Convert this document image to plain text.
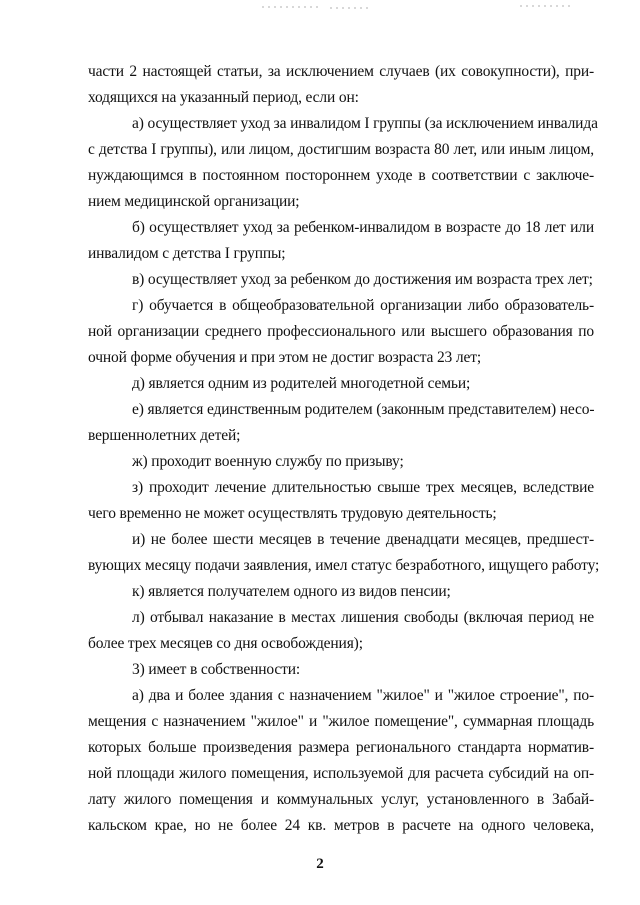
части 2 настоящей статьи, за исключением случаев (их совокупности), при-
ходящихся на указанный период, если он:
а) осуществляет уход за инвалидом I группы (за исключением инвалида
с детства I группы), или лицом, достигшим возраста 80 лет, или иным лицом,
нуждающимся в постоянном постороннем уходе в соответствии с заключе-
нием медицинской организации;
б) осуществляет уход за ребенком-инвалидом в возрасте до 18 лет или
инвалидом с детства I группы;
в) осуществляет уход за ребенком до достижения им возраста трех лет;
г) обучается в общеобразовательной организации либо образователь-
ной организации среднего профессионального или высшего образования по
очной форме обучения и при этом не достиг возраста 23 лет;
д) является одним из родителей многодетной семьи;
е) является единственным родителем (законным представителем) несо-
вершеннолетних детей;
ж) проходит военную службу по призыву;
з) проходит лечение длительностью свыше трех месяцев, вследствие
чего временно не может осуществлять трудовую деятельность;
и) не более шести месяцев в течение двенадцати месяцев, предшест-
вующих месяцу подачи заявления, имел статус безработного, ищущего работу;
к) является получателем одного из видов пенсии;
л) отбывал наказание в местах лишения свободы (включая период не
более трех месяцев со дня освобождения);
3) имеет в собственности:
а) два и более здания с назначением "жилое" и "жилое строение", по-
мещения с назначением "жилое" и "жилое помещение", суммарная площадь
которых больше произведения размера регионального стандарта норматив-
ной площади жилого помещения, используемой для расчета субсидий на оп-
лату жилого помещения и коммунальных услуг, установленного в Забай-
кальском крае, но не более 24 кв. метров в расчете на одного человека,
2
